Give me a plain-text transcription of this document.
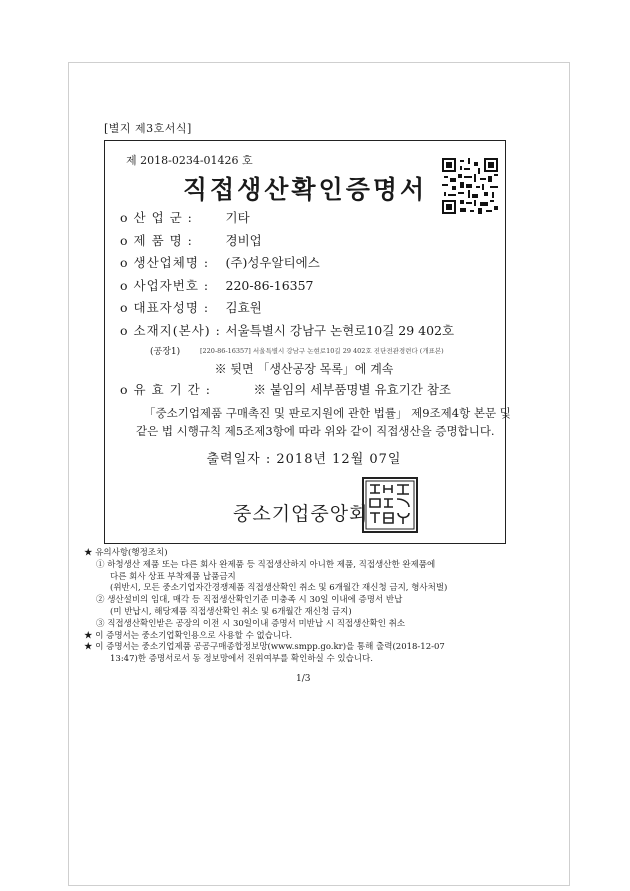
[별지 제3호서식]
제 2018-0234-01426 호
직접생산확인증명서
o 산 업 군 :	기타
o 제 품 명 :	경비업
o 생산업체명 : (주)성우알티에스
o 사업자번호 : 220-86-16357
o 대표자성명 : 김효원
o 소재지(본사) : 서울특별시 강남구 논현로10길 29 402호
(공장1)	[220-86-16357] 서울특별시 강남구 논현로10길 29 402호 진단전관경련다 (개표본)
※ 뒷면 「생산공장 목록」에 계속
o 유 효 기 간 :	※ 붙임의 세부품명별 유효기간 참조
「중소기업제품 구매촉진 및 판로지원에 관한 법률」 제9조제4항 본문 및
같은 법 시행규칙 제5조제3항에 따라 위와 같이 직접생산을 증명합니다.
출력일자 : 2018년 12월 07일
중소기업중앙회
★ 유의사항(행정조치)
① 하청생산 제품 또는 다른 회사 완제품 등 직접생산하지 아니한 제품, 직접생산한 완제품에
다른 회사 상표 부착제품 납품금지
(위반시, 모든 중소기업자간경쟁제품 직접생산확인 취소 및 6개월간 재신청 금지, 형사처벌)
② 생산설비의 임대, 매각 등 직접생산확인기준 미충족 시 30일 이내에 증명서 반납
(미 반납시, 해당제품 직접생산확인 취소 및 6개월간 재신청 금지)
③ 직접생산확인받은 공장의 이전 시 30일이내 증명서 미반납 시 직접생산확인 취소
★ 이 증명서는 중소기업확인용으로 사용할 수 없습니다.
★ 이 증명서는 중소기업제품 공공구매종합정보망(www.smpp.go.kr)을 통해 출력(2018-12-07
13:47)한 증명서로서 동 정보망에서 진위여부를 확인하실 수 있습니다.
1/3
